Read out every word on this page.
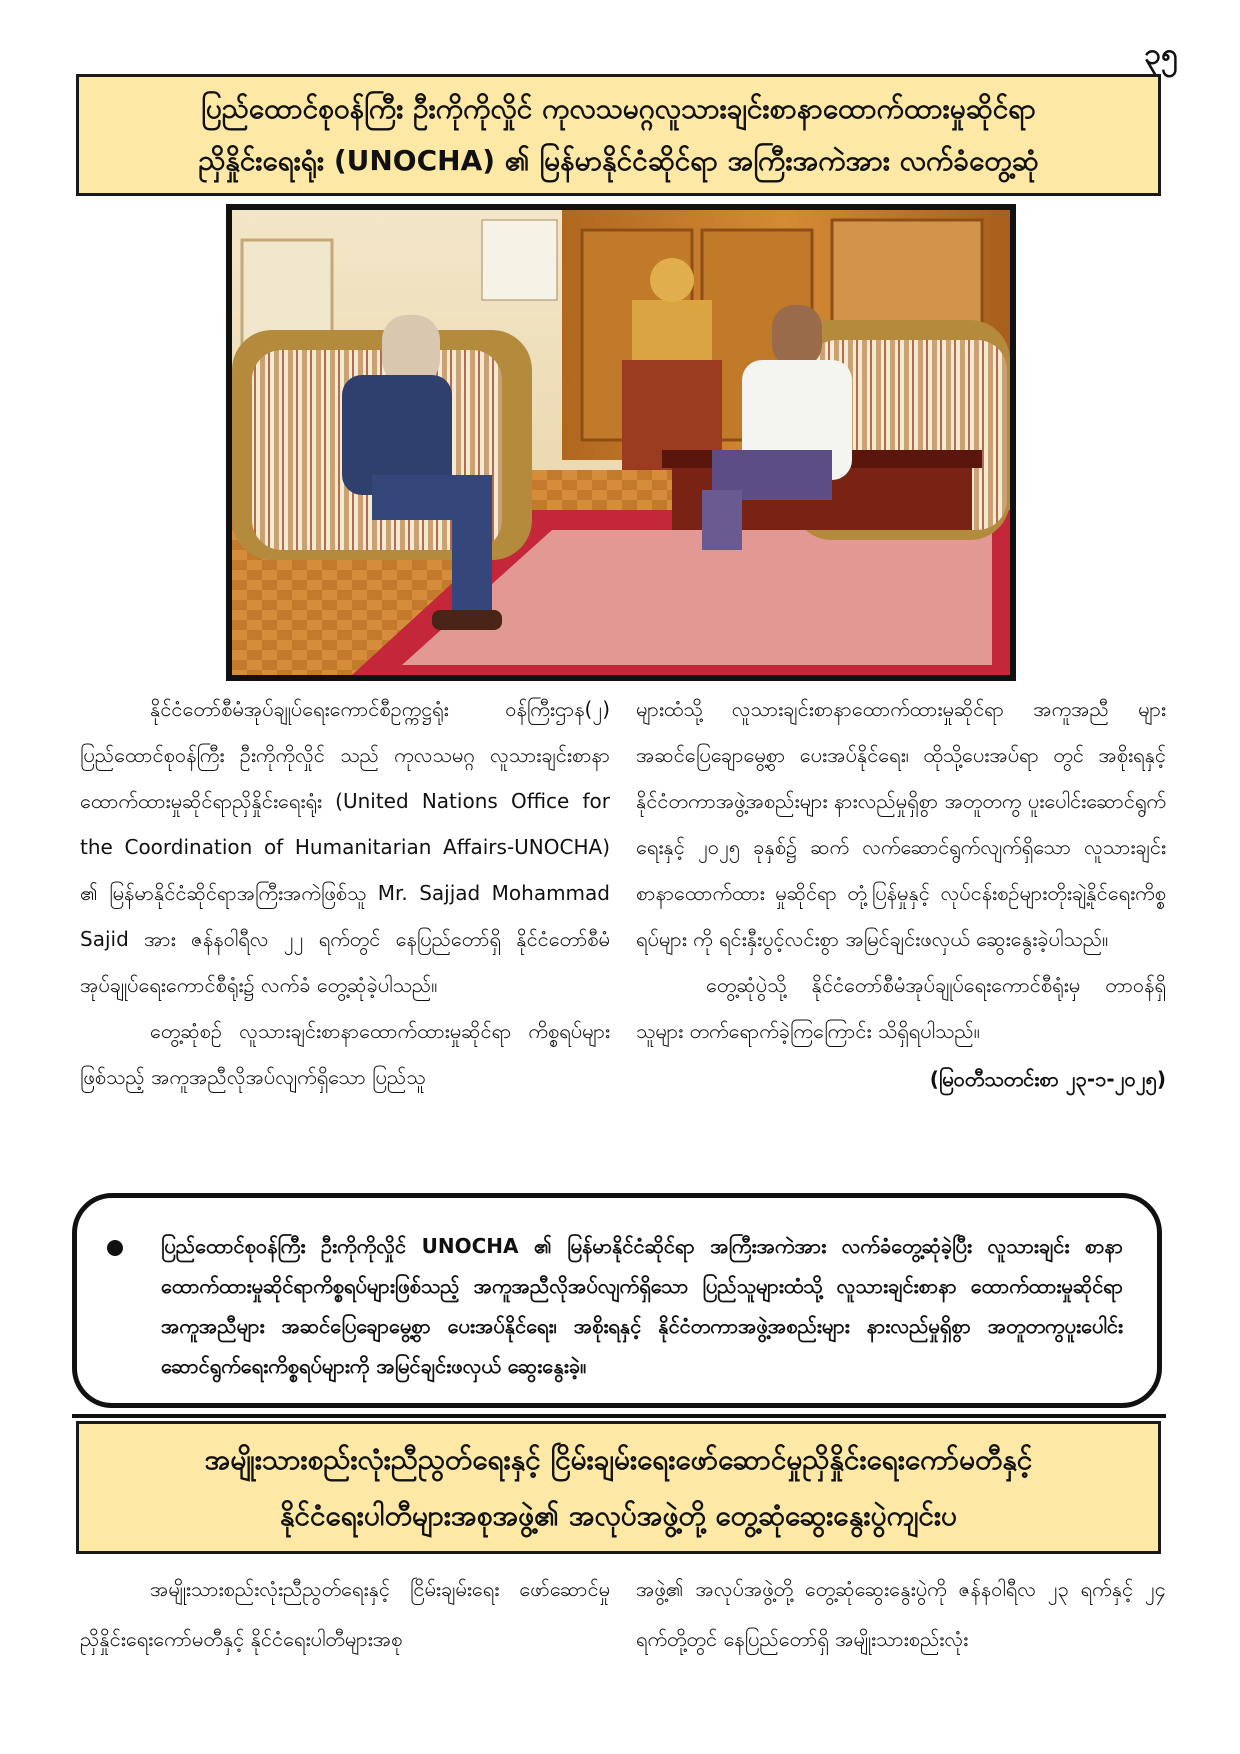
၃၅
ပြည်ထောင်စုဝန်ကြီး ဦးကိုကိုလှိုင် ကုလသမဂ္ဂလူသားချင်းစာနာထောက်ထားမှုဆိုင်ရာ
ညှိနှိုင်းရေးရုံး (UNOCHA) ၏ မြန်မာနိုင်ငံဆိုင်ရာ အကြီးအကဲအား လက်ခံတွေ့ဆုံ

နိုင်ငံတော်စီမံအုပ်ချုပ်ရေးကောင်စီဥက္ကဋ္ဌရုံး ဝန်ကြီးဌာန(၂) ပြည်ထောင်စုဝန်ကြီး ဦးကိုကိုလှိုင် သည် ကုလသမဂ္ဂ လူသားချင်းစာနာထောက်ထားမှုဆိုင်ရာညှိနှိုင်းရေးရုံး (United Nations Office for the Coordination of Humanitarian Affairs-UNOCHA) ၏ မြန်မာနိုင်ငံဆိုင်ရာအကြီးအကဲဖြစ်သူ Mr. Sajjad Mohammad Sajid အား ဇန်နဝါရီလ ၂၂ ရက်တွင် နေပြည်တော်ရှိ နိုင်ငံတော်စီမံအုပ်ချုပ်ရေးကောင်စီရုံး၌ လက်ခံ တွေ့ဆုံခဲ့ပါသည်။

တွေ့ဆုံစဉ် လူသားချင်းစာနာထောက်ထားမှုဆိုင်ရာ ကိစ္စရပ်များဖြစ်သည့် အကူအညီလိုအပ်လျက်ရှိသော ပြည်သူ

များထံသို့ လူသားချင်းစာနာထောက်ထားမှုဆိုင်ရာ အကူအညီ များ အဆင်ပြေချောမွေ့စွာ ပေးအပ်နိုင်ရေး၊ ထိုသို့ပေးအပ်ရာ တွင် အစိုးရနှင့် နိုင်ငံတကာအဖွဲ့အစည်းများ နားလည်မှုရှိစွာ အတူတကွ ပူးပေါင်းဆောင်ရွက်ရေးနှင့် ၂၀၂၅ ခုနှစ်၌ ဆက် လက်ဆောင်ရွက်လျက်ရှိသော လူသားချင်းစာနာထောက်ထား မှုဆိုင်ရာ တုံ့ပြန်မှုနှင့် လုပ်ငန်းစဉ်များတိုးချဲ့နိုင်ရေးကိစ္စရပ်များ ကို ရင်းနှီးပွင့်လင်းစွာ အမြင်ချင်းဖလှယ် ဆွေးနွေးခဲ့ပါသည်။

တွေ့ဆုံပွဲသို့ နိုင်ငံတော်စီမံအုပ်ချုပ်ရေးကောင်စီရုံးမှ တာဝန်ရှိသူများ တက်ရောက်ခဲ့ကြကြောင်း သိရှိရပါသည်။

(မြဝတီသတင်းစာ ၂၃-၁-၂၀၂၅)

ပြည်ထောင်စုဝန်ကြီး ဦးကိုကိုလှိုင် UNOCHA ၏ မြန်မာနိုင်ငံဆိုင်ရာ အကြီးအကဲအား လက်ခံတွေ့ဆုံခဲ့ပြီး လူသားချင်း စာနာထောက်ထားမှုဆိုင်ရာကိစ္စရပ်များဖြစ်သည့် အကူအညီလိုအပ်လျက်ရှိသော ပြည်သူများထံသို့ လူသားချင်းစာနာ ထောက်ထားမှုဆိုင်ရာ အကူအညီများ အဆင်ပြေချောမွေ့စွာ ပေးအပ်နိုင်ရေး၊ အစိုးရနှင့် နိုင်ငံတကာအဖွဲ့အစည်းများ နားလည်မှုရှိစွာ အတူတကွပူးပေါင်းဆောင်ရွက်ရေးကိစ္စရပ်များကို အမြင်ချင်းဖလှယ် ဆွေးနွေးခဲ့။
အမျိုးသားစည်းလုံးညီညွတ်ရေးနှင့် ငြိမ်းချမ်းရေးဖော်ဆောင်မှုညှိနှိုင်းရေးကော်မတီနှင့်
နိုင်ငံရေးပါတီများအစုအဖွဲ့၏ အလုပ်အဖွဲ့တို့ တွေ့ဆုံဆွေးနွေးပွဲကျင်းပ

အမျိုးသားစည်းလုံးညီညွတ်ရေးနှင့် ငြိမ်းချမ်းရေး ဖော်ဆောင်မှု ညှိနှိုင်းရေးကော်မတီနှင့် နိုင်ငံရေးပါတီများအစု

အဖွဲ့၏ အလုပ်အဖွဲ့တို့ တွေ့ဆုံဆွေးနွေးပွဲကို ဇန်နဝါရီလ ၂၃ ရက်နှင့် ၂၄ ရက်တို့တွင် နေပြည်တော်ရှိ အမျိုးသားစည်းလုံး
